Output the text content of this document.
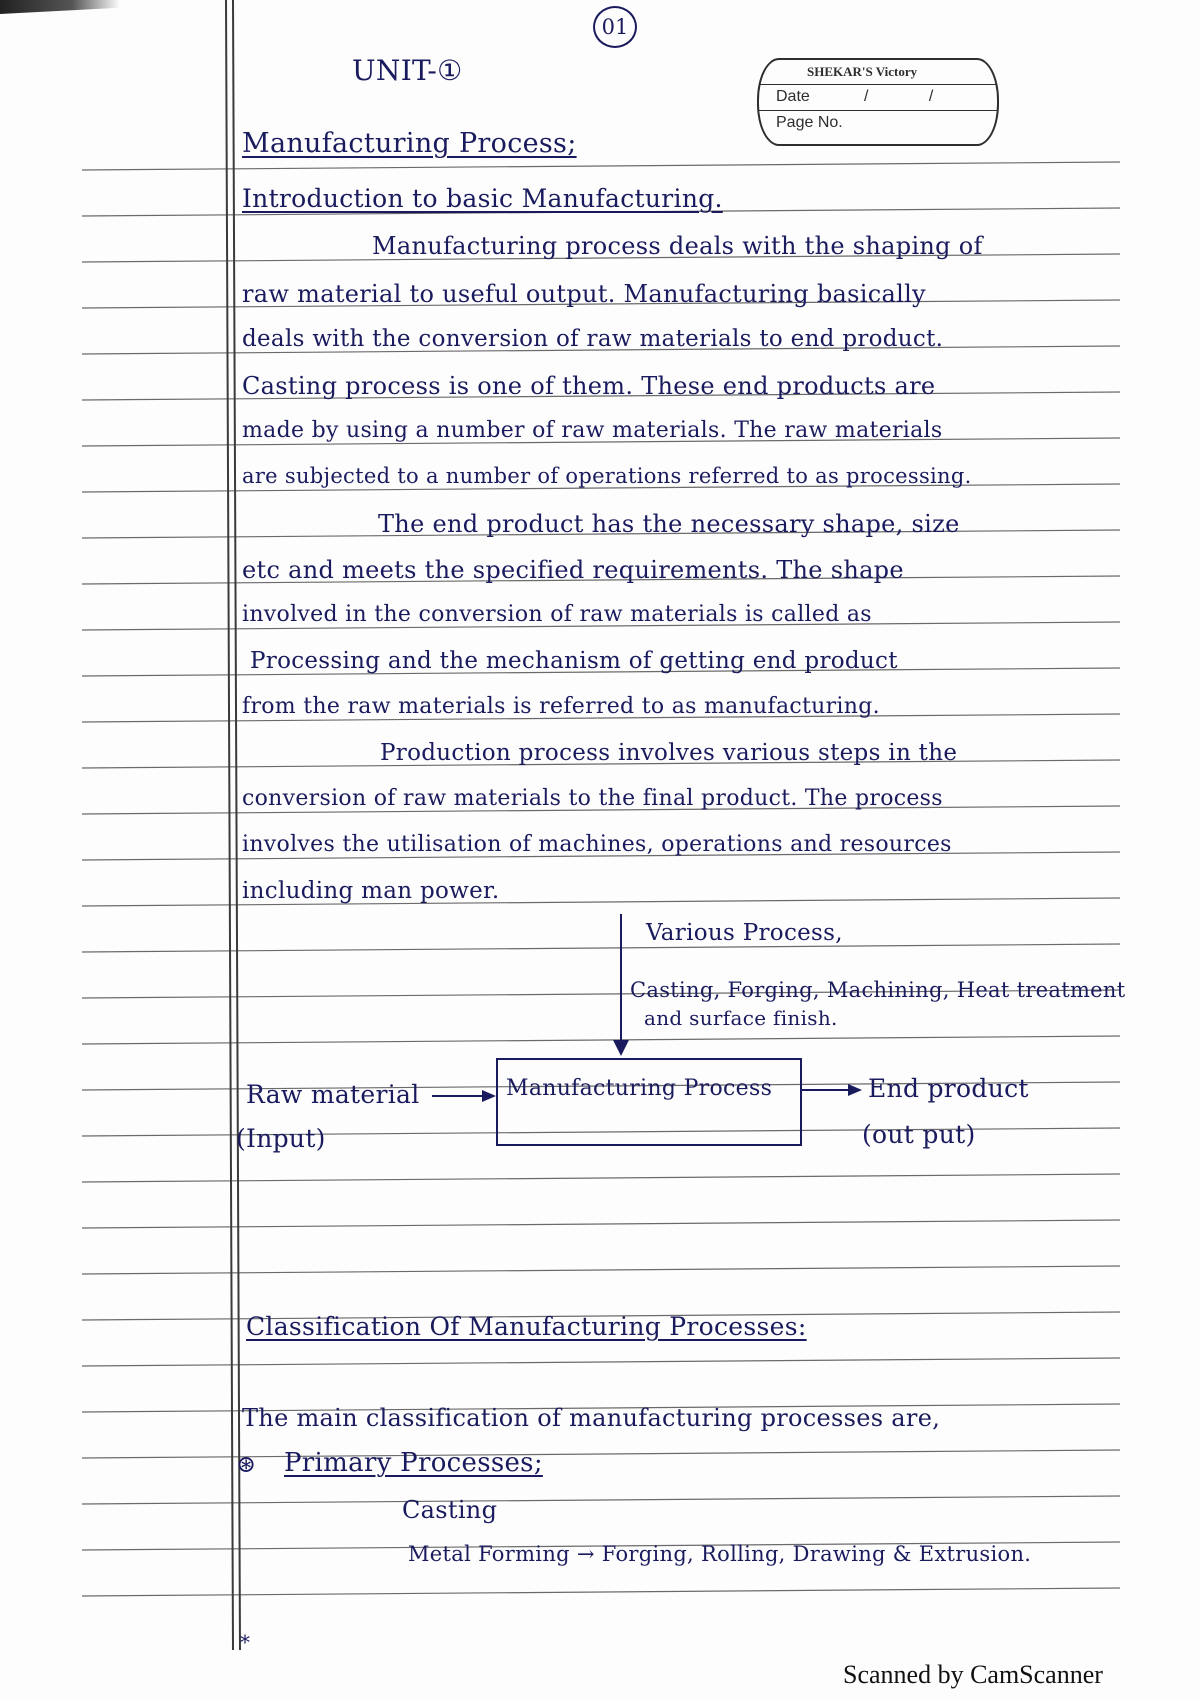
01
UNIT-①	SHEKAR'S Victory
Date	/ /
Page No.
Manufacturing Process;
Introduction to basic Manufacturing.
Manufacturing process deals with the shaping of
raw material to useful output. Manufacturing basically
deals with the conversion of raw materials to end product.
Casting process is one of them. These end products are
made by using a number of raw materials. The raw materials
are subjected to a number of operations referred to as processing.
The end product has the necessary shape, size
etc and meets the specified requirements. The shape
involved in the conversion of raw materials is called as
Processing and the mechanism of getting end product
from the raw materials is referred to as manufacturing.
Production process involves various steps in the
conversion of raw materials to the final product. The process
involves the utilisation of machines, operations and resources
including man power.
Various Process,
Casting, Forging, Machining, Heat treatment
and surface finish.
Manufacturing Process
Raw material
(Input)
End product
(out put)
Classification Of Manufacturing Processes:
The main classification of manufacturing processes are,
⊛ Primary Processes;
Casting
Metal Forming → Forging, Rolling, Drawing & Extrusion.
*
Scanned by CamScanner
